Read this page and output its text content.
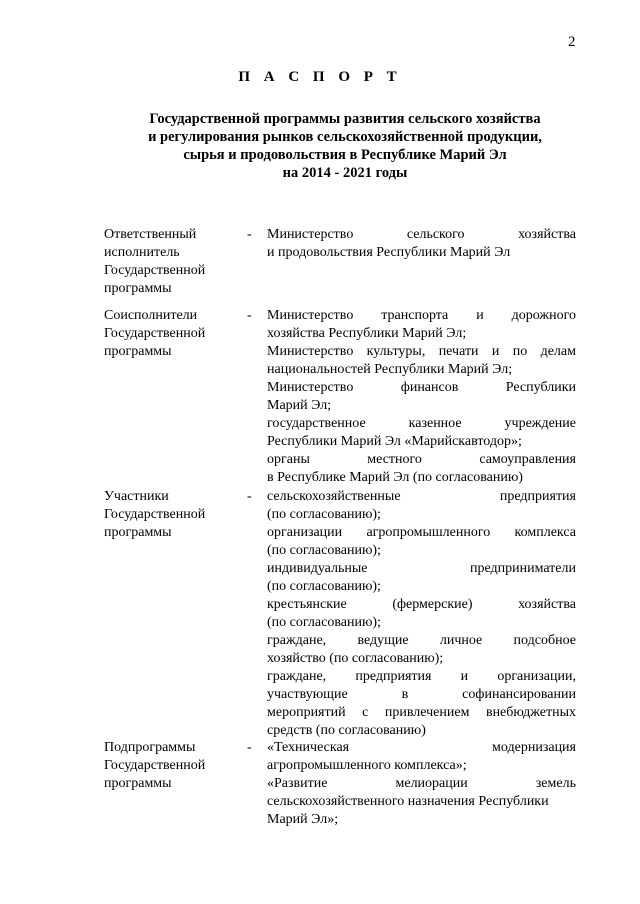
2
П А С П О Р Т
Государственной программы развития сельского хозяйства
и регулирования рынков сельскохозяйственной продукции,
сырья и продовольствия в Республике Марий Эл
на 2014 - 2021 годы
Ответственный
исполнитель
Государственной
программы
- Министерство	сельского	хозяйства
и продовольствия Республики Марий Эл
Соисполнители
Государственной
программы
- Министерство транспорта и дорожного
хозяйства Республики Марий Эл;
Министерство культуры, печати и по делам
национальностей Республики Марий Эл;
Министерство	финансов	Республики
Марий Эл;
государственное	казенное	учреждение
Республики Марий Эл «Марийскавтодор»;
органы	местного	самоуправления
в Республике Марий Эл (по согласованию)
Участники
Государственной
программы
- сельскохозяйственные	предприятия
(по согласованию);
организации агропромышленного комплекса
(по согласованию);
индивидуальные	предприниматели
(по согласованию);
крестьянские	(фермерские)	хозяйства
(по согласованию);
граждане, ведущие личное подсобное
хозяйство (по согласованию);
граждане, предприятия и организации,
участвующие	в	софинансировании
мероприятий с привлечением внебюджетных
средств (по согласованию)
Подпрограммы
Государственной
программы
- «Техническая	модернизация
агропромышленного комплекса»;
«Развитие	мелиорации	земель
сельскохозяйственного назначения Республики
Марий Эл»;
